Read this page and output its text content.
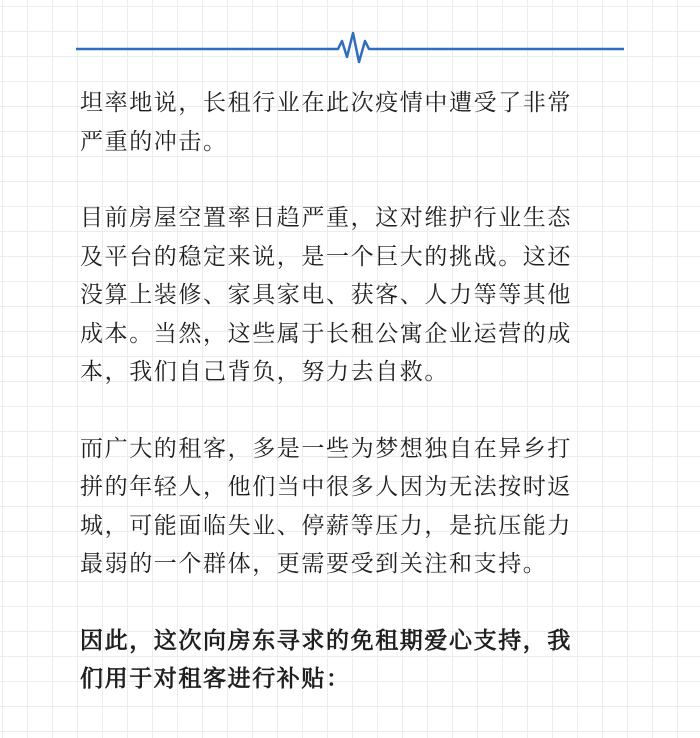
坦率地说，长租行业在此次疫情中遭受了非常
严重的冲击。

目前房屋空置率日趋严重，这对维护行业生态
及平台的稳定来说，是一个巨大的挑战。这还
没算上装修、家具家电、获客、人力等等其他
成本。当然，这些属于长租公寓企业运营的成
本，我们自己背负，努力去自救。

而广大的租客，多是一些为梦想独自在异乡打
拼的年轻人，他们当中很多人因为无法按时返
城，可能面临失业、停薪等压力，是抗压能力
最弱的一个群体，更需要受到关注和支持。

因此，这次向房东寻求的免租期爱心支持，我
们用于对租客进行补贴：
